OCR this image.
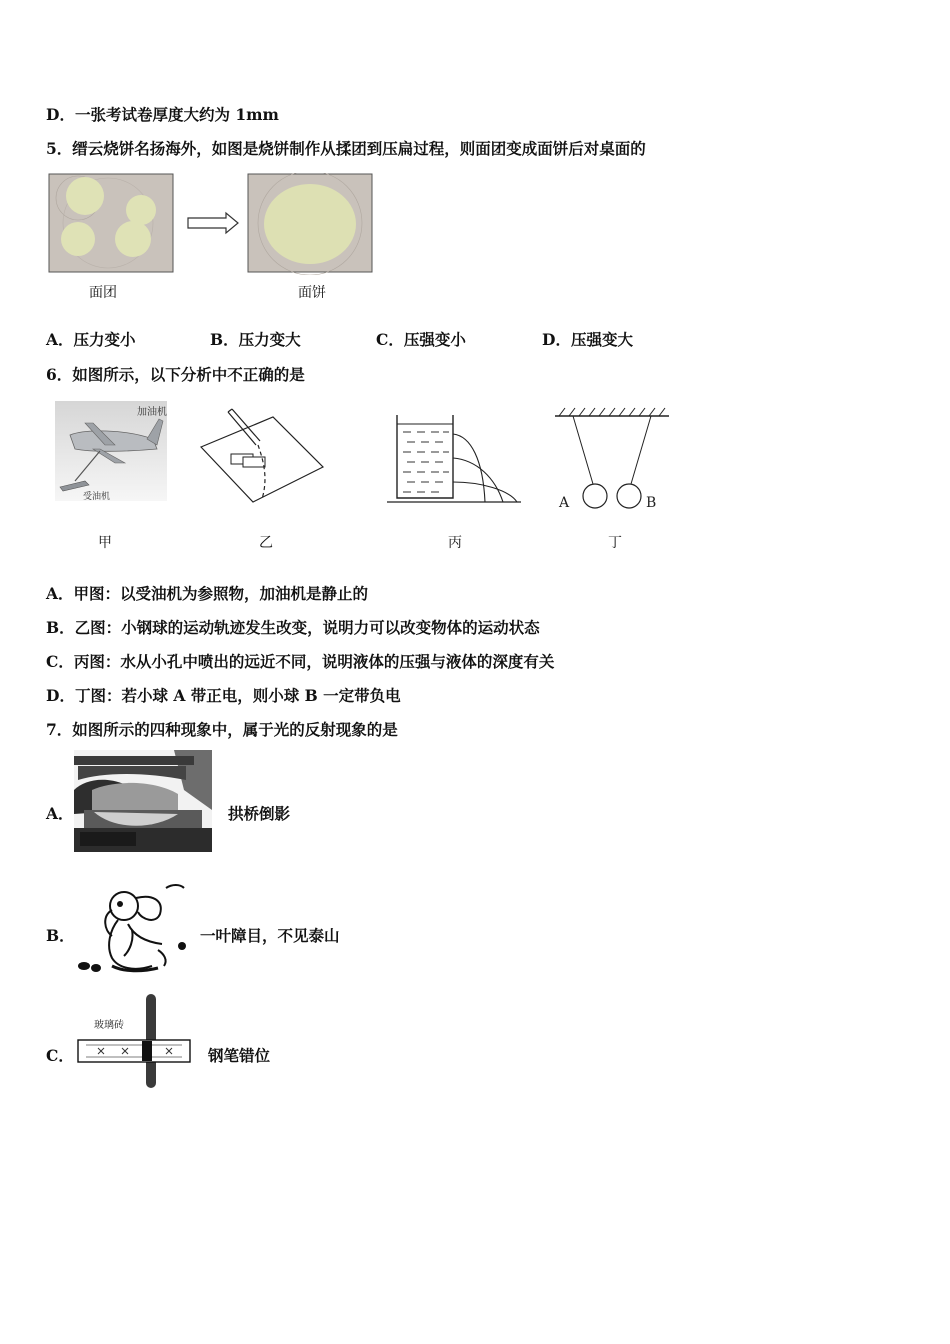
D．一张考试卷厚度大约为 1mm
5．缙云烧饼名扬海外，如图是烧饼制作从揉团到压扁过程，则面团变成面饼后对桌面的
面团	面饼
A．压力变小	B．压力变大	C．压强变小	D．压强变大
6．如图所示，以下分析中不正确的是
加油机
受油机	A	B
甲	乙	丙	丁
A．甲图：以受油机为参照物，加油机是静止的
B．乙图：小钢球的运动轨迹发生改变，说明力可以改变物体的运动状态
C．丙图：水从小孔中喷出的远近不同，说明液体的压强与液体的深度有关
D．丁图：若小球 A 带正电，则小球 B 一定带负电
7．如图所示的四种现象中，属于光的反射现象的是
A．	拱桥倒影
B．	一叶障目，不见泰山
C．
玻璃砖
钢笔错位
